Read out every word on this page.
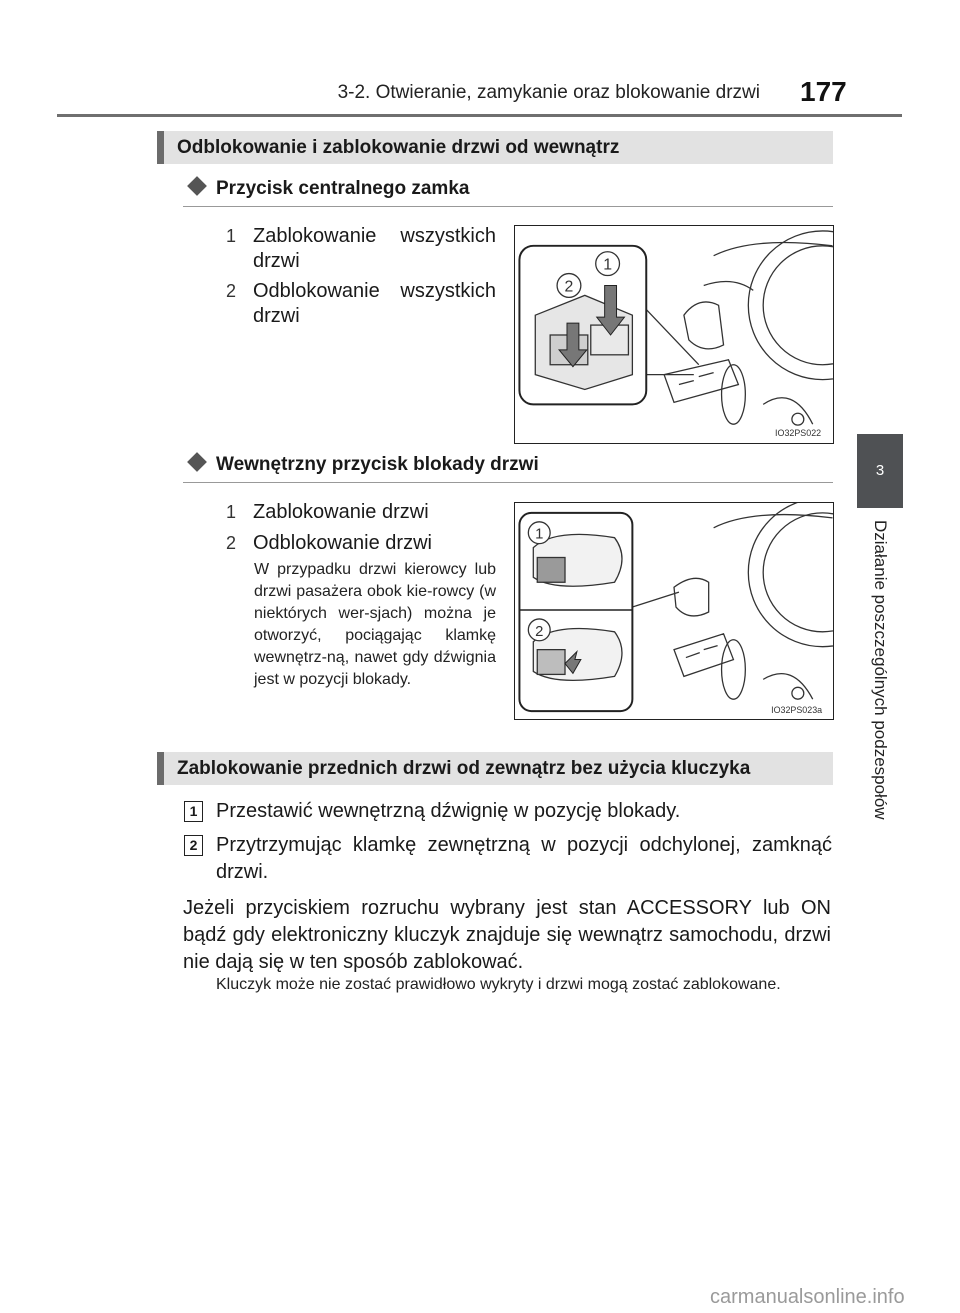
3-2. Otwieranie, zamykanie oraz blokowanie drzwi 177
3
Działanie poszczególnych podzespołów
Odblokowanie i zablokowanie drzwi od wewnątrz
Przycisk centralnego zamka
1 Zablokowanie wszystkich drzwi
2 Odblokowanie wszystkich drzwi
1
2
IO32PS022
Wewnętrzny przycisk blokady drzwi
1 Zablokowanie drzwi
2 Odblokowanie drzwi
W przypadku drzwi kierowcy lub drzwi pasażera obok kie-rowcy (w niektórych wer-sjach) można je otworzyć, pociągając klamkę wewnętrz-ną, nawet gdy dźwignia jest w pozycji blokady.
1
2
IO32PS023a
Zablokowanie przednich drzwi od zewnątrz bez użycia kluczyka
1 Przestawić wewnętrzną dźwignię w pozycję blokady.
2 Przytrzymując klamkę zewnętrzną w pozycji odchylonej, zamknąć drzwi.
Jeżeli przyciskiem rozruchu wybrany jest stan ACCESSORY lub ON bądź gdy elektroniczny kluczyk znajduje się wewnątrz samochodu, drzwi nie dają się w ten sposób zablokować.
Kluczyk może nie zostać prawidłowo wykryty i drzwi mogą zostać zablokowane.
carmanualsonline.info
